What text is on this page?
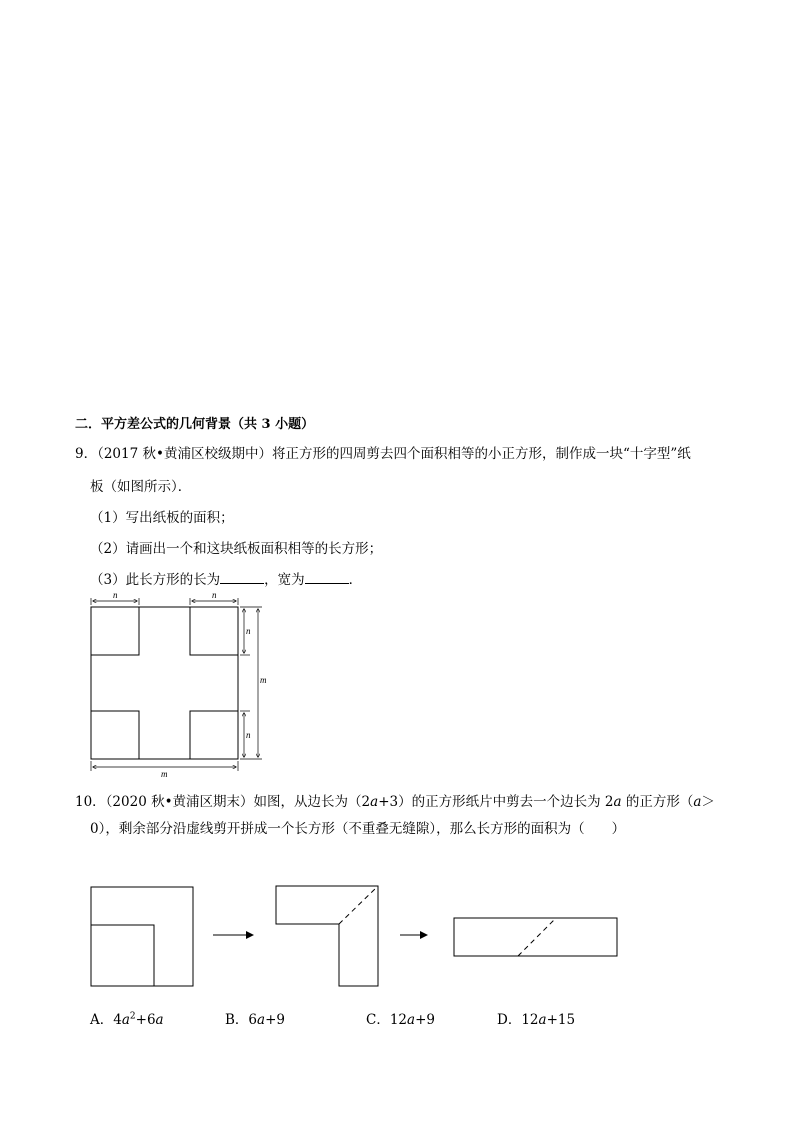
二．平方差公式的几何背景（共 3 小题）
9．（2017 秋•黄浦区校级期中）将正方形的四周剪去四个面积相等的小正方形，制作成一块“十字型”纸
板（如图所示）．
（1）写出纸板的面积；
（2）请画出一个和这块纸板面积相等的长方形；
（3）此长方形的长为	，宽为	．
n	n
n
n
m
m
10．（2020 秋•黄浦区期末）如图，从边长为（2a+3）的正方形纸片中剪去一个边长为 2a 的正方形（a＞
0），剩余部分沿虚线剪开拼成一个长方形（不重叠无缝隙），那么长方形的面积为（　　）
A．$4a^2+6a$	B．6a+9	C．12a+9	D．12a+15
